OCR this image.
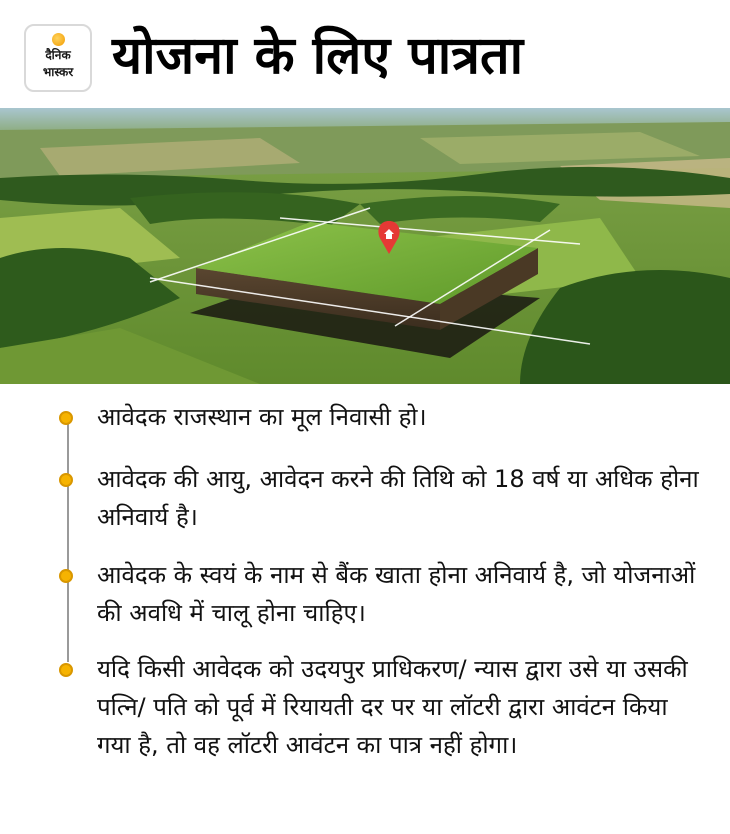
दैनिक
भास्कर योजना के लिए पात्रता
आवेदक राजस्थान का मूल निवासी हो।
आवेदक की आयु, आवेदन करने की तिथि को 18 वर्ष या अधिक होना अनिवार्य है।
आवेदक के स्वयं के नाम से बैंक खाता होना अनिवार्य है, जो योजनाओं की अवधि में चालू होना चाहिए।
यदि किसी आवेदक को उदयपुर प्राधिकरण/ न्यास द्वारा उसे या उसकी पत्नि/ पति को पूर्व में रियायती दर पर या लॉटरी द्वारा आवंटन किया गया है, तो वह लॉटरी आवंटन का पात्र नहीं होगा।
